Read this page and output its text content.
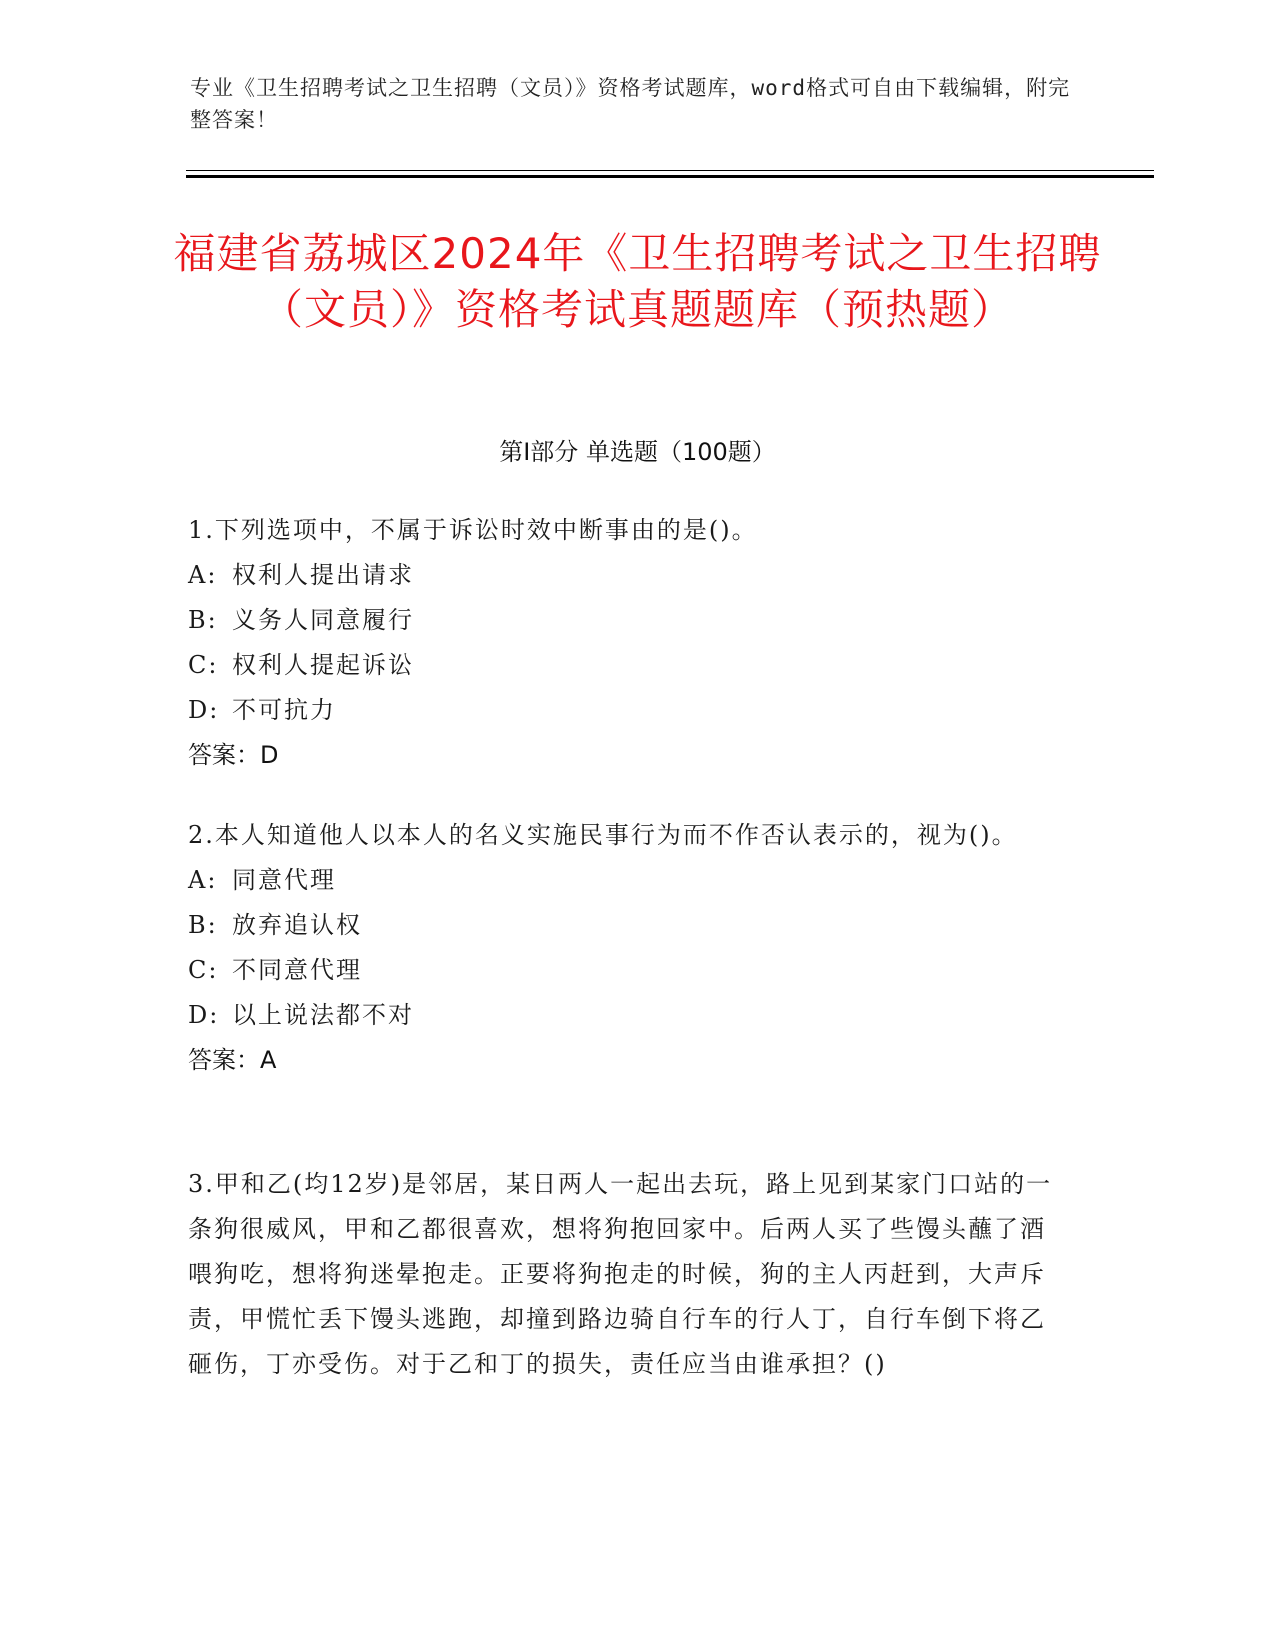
专业《卫生招聘考试之卫生招聘（文员）》资格考试题库，word格式可自由下载编辑，附完整答案！
福建省荔城区2024年《卫生招聘考试之卫生招聘（文员）》资格考试真题题库（预热题）
第Ⅰ部分 单选题（100题）
1.下列选项中，不属于诉讼时效中断事由的是()。
A: 权利人提出请求
B: 义务人同意履行
C: 权利人提起诉讼
D: 不可抗力
答案：D
2.本人知道他人以本人的名义实施民事行为而不作否认表示的，视为()。
A: 同意代理
B: 放弃追认权
C: 不同意代理
D: 以上说法都不对
答案：A
3.甲和乙(均12岁)是邻居，某日两人一起出去玩，路上见到某家门口站的一条狗很威风，甲和乙都很喜欢，想将狗抱回家中。后两人买了些馒头蘸了酒喂狗吃，想将狗迷晕抱走。正要将狗抱走的时候，狗的主人丙赶到，大声斥责，甲慌忙丢下馒头逃跑，却撞到路边骑自行车的行人丁，自行车倒下将乙砸伤，丁亦受伤。对于乙和丁的损失，责任应当由谁承担？()
